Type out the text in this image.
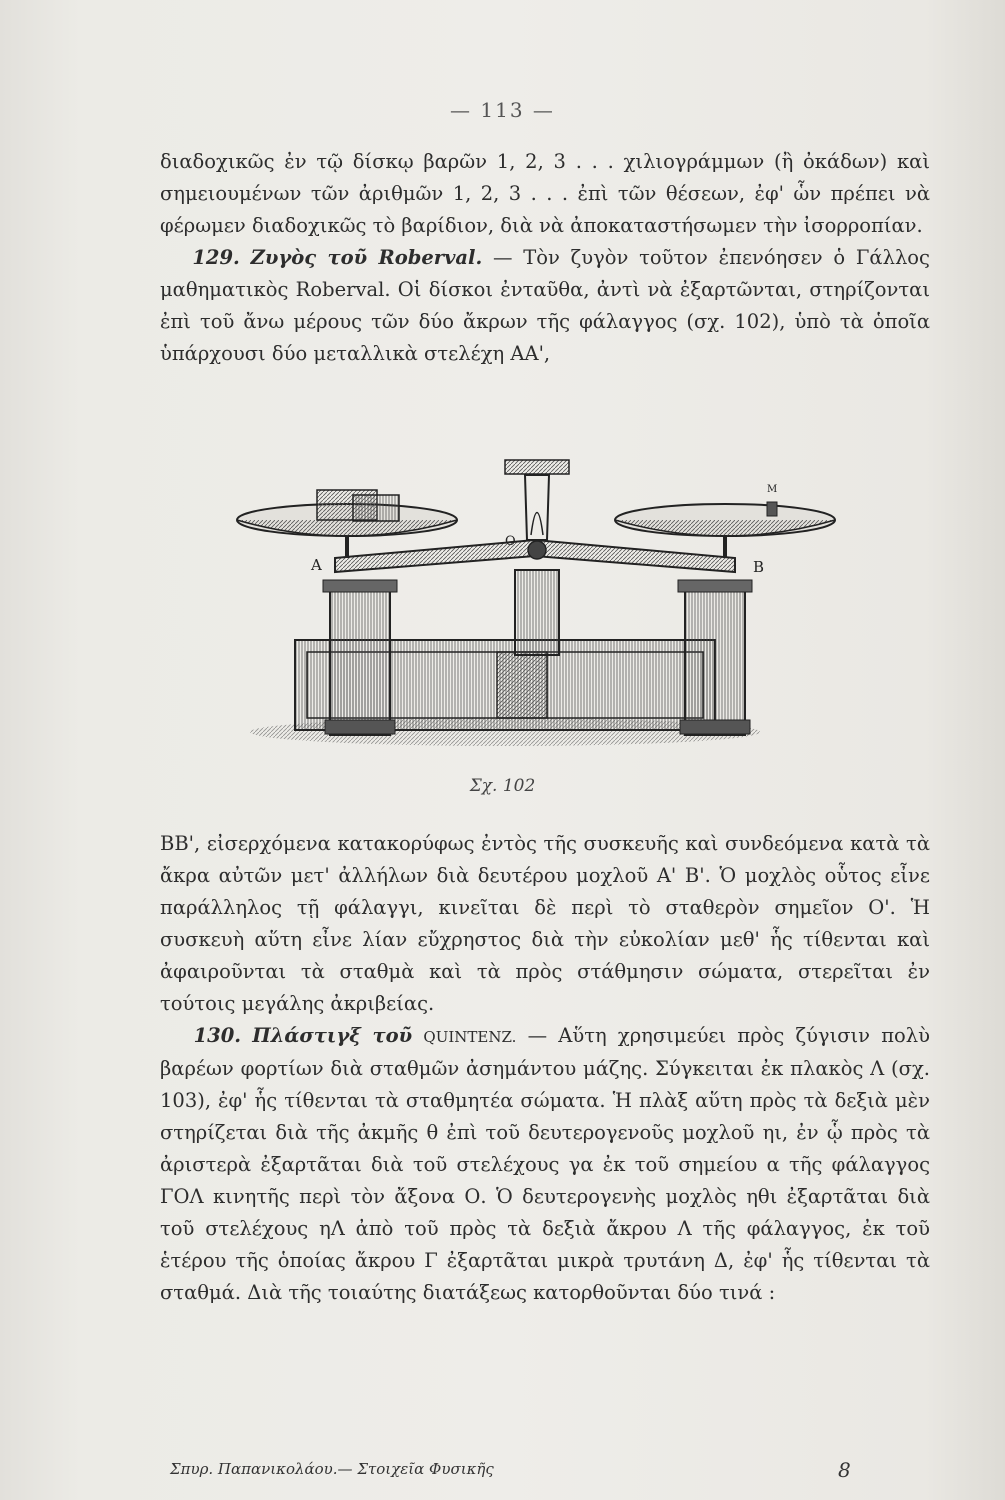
— 113 —

διαδοχικῶς ἐν τῷ δίσκῳ βαρῶν 1, 2, 3 . . . χιλιογράμμων (ἢ ὀκάδων) καὶ σημειουμένων τῶν ἀριθμῶν 1, 2, 3 . . . ἐπὶ τῶν θέσεων, ἐφ' ὧν πρέπει νὰ φέρωμεν διαδοχικῶς τὸ βαρίδιον, διὰ νὰ ἀποκαταστήσωμεν τὴν ἰσορροπίαν.

129. Ζυγὸς τοῦ Roberval. — Τὸν ζυγὸν τοῦτον ἐπενόησεν ὁ Γάλλος μαθηματικὸς Roberval. Οἱ δίσκοι ἐνταῦθα, ἀντὶ νὰ ἐξαρτῶνται, στηρίζονται ἐπὶ τοῦ ἄνω μέρους τῶν δύο ἄκρων τῆς φάλαγγος (σχ. 102), ὑπὸ τὰ ὁποῖα ὑπάρχουσι δύο μεταλλικὰ στελέχη ΑΑ',

A	B
O
M
Σχ. 102

ΒΒ', εἰσερχόμενα κατακορύφως ἐντὸς τῆς συσκευῆς καὶ συνδεόμενα κατὰ τὰ ἄκρα αὐτῶν μετ' ἀλλήλων διὰ δευτέρου μοχλοῦ Α' Β'. Ὁ μοχλὸς οὗτος εἶνε παράλληλος τῇ φάλαγγι, κινεῖται δὲ περὶ τὸ σταθερὸν σημεῖον Ο'. Ἡ συσκευὴ αὕτη εἶνε λίαν εὔχρηστος διὰ τὴν εὐκολίαν μεθ' ἧς τίθενται καὶ ἀφαιροῦνται τὰ σταθμὰ καὶ τὰ πρὸς στάθμησιν σώματα, στερεῖται ἐν τούτοις μεγάλης ἀκριβείας.

130. Πλάστιγξ τοῦ QUINTENZ. — Αὕτη χρησιμεύει πρὸς ζύγισιν πολὺ βαρέων φορτίων διὰ σταθμῶν ἀσημάντου μάζης. Σύγκειται ἐκ πλακὸς Λ (σχ. 103), ἐφ' ἧς τίθενται τὰ σταθμητέα σώματα. Ἡ πλὰξ αὕτη πρὸς τὰ δεξιὰ μὲν στηρίζεται διὰ τῆς ἀκμῆς θ ἐπὶ τοῦ δευτερογενοῦς μοχλοῦ ηι, ἐν ᾧ πρὸς τὰ ἀριστερὰ ἐξαρτᾶται διὰ τοῦ στελέχους γα ἐκ τοῦ σημείου α τῆς φάλαγγος ΓΟΛ κινητῆς περὶ τὸν ἄξονα Ο. Ὁ δευτερογενὴς μοχλὸς ηθι ἐξαρτᾶται διὰ τοῦ στελέχους ηΛ ἀπὸ τοῦ πρὸς τὰ δεξιὰ ἄκρου Λ τῆς φάλαγγος, ἐκ τοῦ ἑτέρου τῆς ὁποίας ἄκρου Γ ἐξαρτᾶται μικρὰ τρυτάνη Δ, ἐφ' ἧς τίθενται τὰ σταθμά. Διὰ τῆς τοιαύτης διατάξεως κατορθοῦνται δύο τινά :

Σπυρ. Παπανικολάου.— Στοιχεῖα Φυσικῆς	8
